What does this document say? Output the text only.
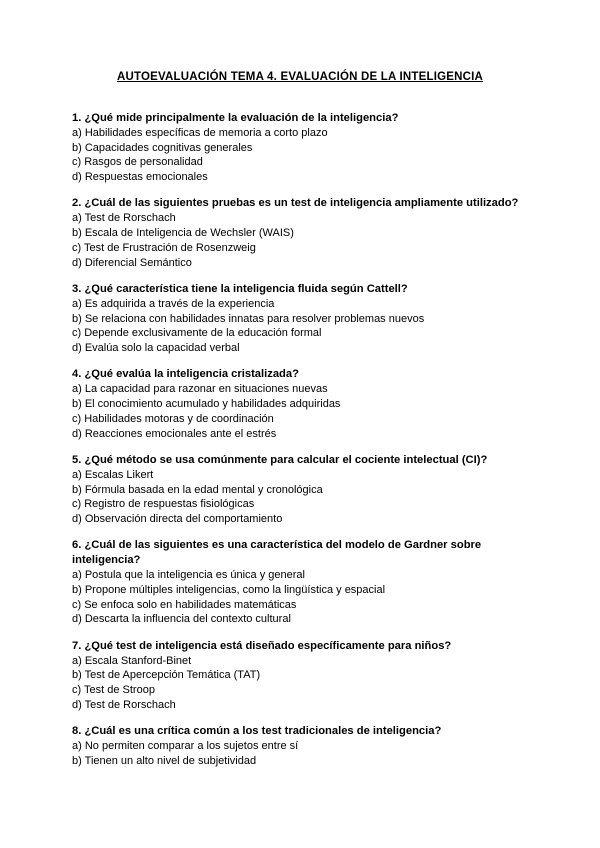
AUTOEVALUACIÓN TEMA 4. EVALUACIÓN DE LA INTELIGENCIA
1. ¿Qué mide principalmente la evaluación de la inteligencia?
a) Habilidades específicas de memoria a corto plazo
b) Capacidades cognitivas generales
c) Rasgos de personalidad
d) Respuestas emocionales
2. ¿Cuál de las siguientes pruebas es un test de inteligencia ampliamente utilizado?
a) Test de Rorschach
b) Escala de Inteligencia de Wechsler (WAIS)
c) Test de Frustración de Rosenzweig
d) Diferencial Semántico
3. ¿Qué característica tiene la inteligencia fluida según Cattell?
a) Es adquirida a través de la experiencia
b) Se relaciona con habilidades innatas para resolver problemas nuevos
c) Depende exclusivamente de la educación formal
d) Evalúa solo la capacidad verbal
4. ¿Qué evalúa la inteligencia cristalizada?
a) La capacidad para razonar en situaciones nuevas
b) El conocimiento acumulado y habilidades adquiridas
c) Habilidades motoras y de coordinación
d) Reacciones emocionales ante el estrés
5. ¿Qué método se usa comúnmente para calcular el cociente intelectual (CI)?
a) Escalas Likert
b) Fórmula basada en la edad mental y cronológica
c) Registro de respuestas fisiológicas
d) Observación directa del comportamiento
6. ¿Cuál de las siguientes es una característica del modelo de Gardner sobre inteligencia?
a) Postula que la inteligencia es única y general
b) Propone múltiples inteligencias, como la lingüística y espacial
c) Se enfoca solo en habilidades matemáticas
d) Descarta la influencia del contexto cultural
7. ¿Qué test de inteligencia está diseñado específicamente para niños?
a) Escala Stanford-Binet
b) Test de Apercepción Temática (TAT)
c) Test de Stroop
d) Test de Rorschach
8. ¿Cuál es una crítica común a los test tradicionales de inteligencia?
a) No permiten comparar a los sujetos entre sí
b) Tienen un alto nivel de subjetividad
